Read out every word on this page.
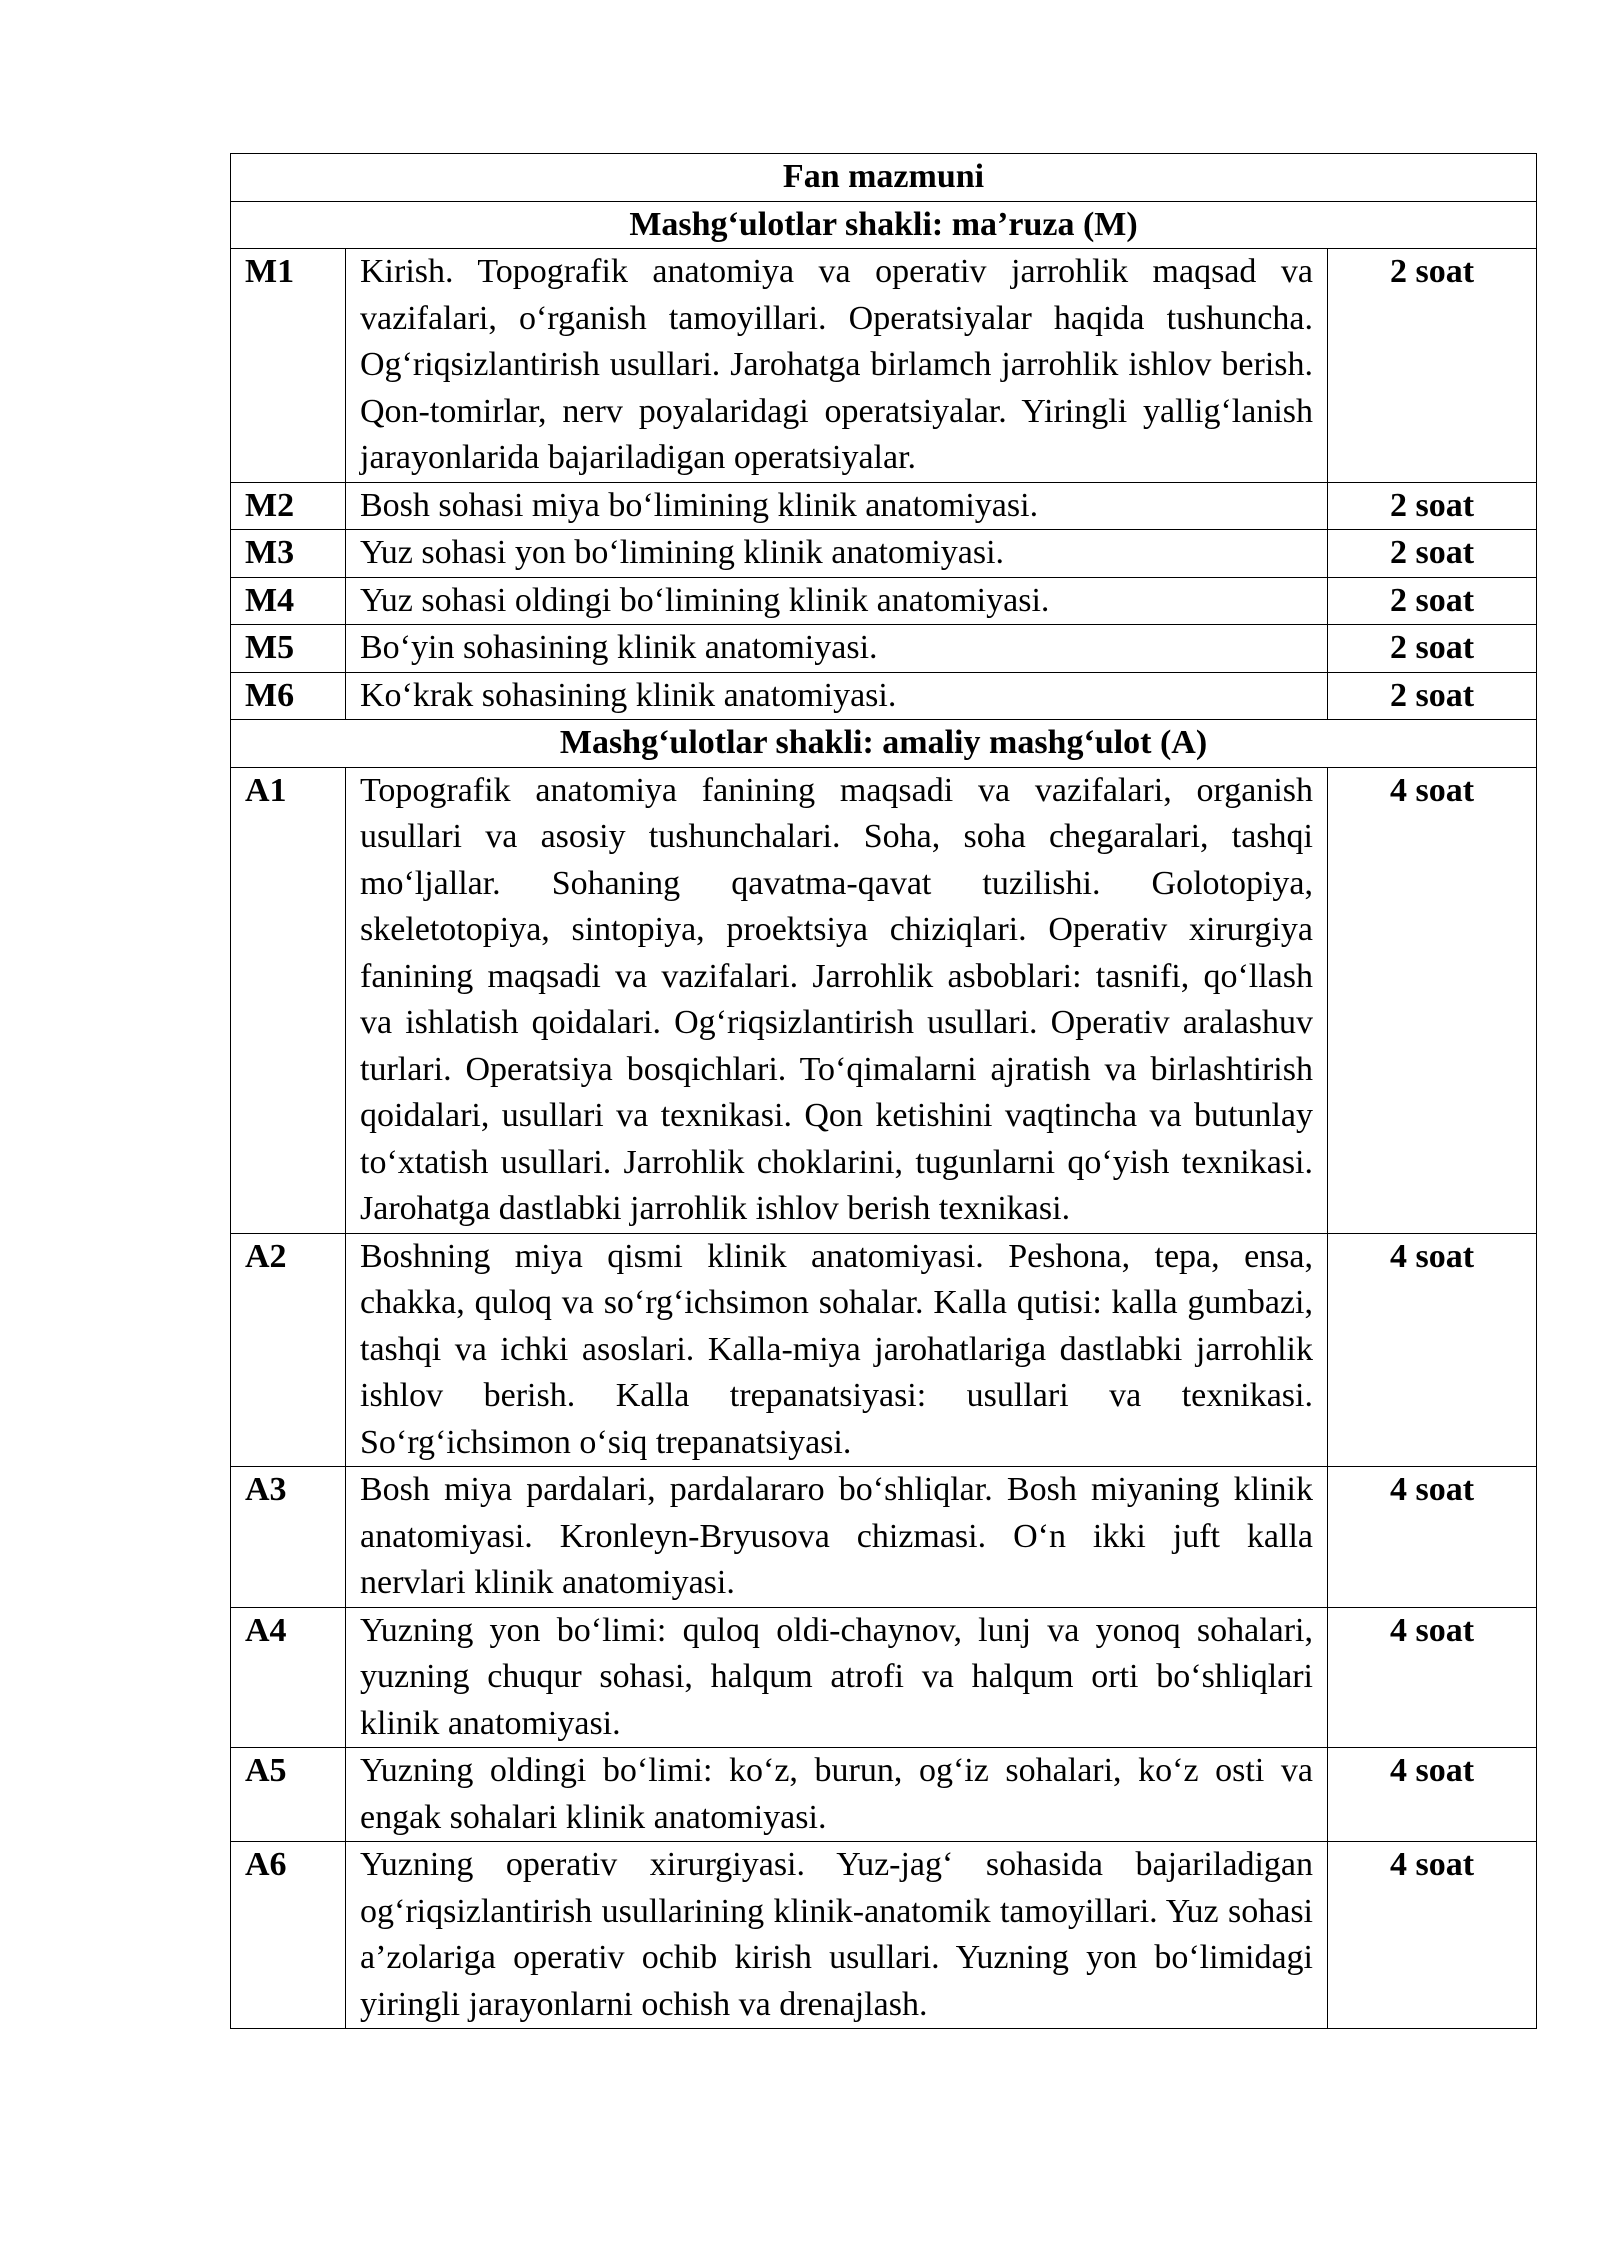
Fan mazmuni		
Mashg‘ulotlar shakli: ma’ruza (M)		
M1	Kirish. Topografik anatomiya va operativ jarrohlik maqsad va vazifalari, o‘rganish tamoyillari. Operatsiyalar haqida tushuncha. Og‘riqsizlantirish usullari. Jarohatga birlamch jarrohlik ishlov berish. Qon-tomirlar, nerv poyalaridagi operatsiyalar. Yiringli yallig‘lanish jarayonlarida bajariladigan operatsiyalar.	2 soat
M2	Bosh sohasi miya bo‘limining klinik anatomiyasi.	2 soat
M3	Yuz sohasi yon bo‘limining klinik anatomiyasi.	2 soat
M4	Yuz sohasi oldingi bo‘limining klinik anatomiyasi.	2 soat
M5	Bo‘yin sohasining klinik anatomiyasi.	2 soat
M6	Ko‘krak sohasining klinik anatomiyasi.	2 soat
Mashg‘ulotlar shakli: amaliy mashg‘ulot (A)		
A1	Topografik anatomiya fanining maqsadi va vazifalari, organish usullari va asosiy tushunchalari. Soha, soha chegaralari, tashqi mo‘ljallar. Sohaning qavatma-qavat tuzilishi. Golotopiya, skeletotopiya, sintopiya, proektsiya chiziqlari. Operativ xirurgiya fanining maqsadi va vazifalari. Jarrohlik asboblari: tasnifi, qo‘llash va ishlatish qoidalari. Og‘riqsizlantirish usullari. Operativ aralashuv turlari. Operatsiya bosqichlari. To‘qimalarni ajratish va birlashtirish qoidalari, usullari va texnikasi. Qon ketishini vaqtincha va butunlay to‘xtatish usullari. Jarrohlik choklarini, tugunlarni qo‘yish texnikasi. Jarohatga dastlabki jarrohlik ishlov berish texnikasi.	4 soat
A2	Boshning miya qismi klinik anatomiyasi. Peshona, tepa, ensa, chakka, quloq va so‘rg‘ichsimon sohalar. Kalla qutisi: kalla gumbazi, tashqi va ichki asoslari. Kalla-miya jarohatlariga dastlabki jarrohlik ishlov berish. Kalla trepanatsiyasi: usullari va texnikasi. So‘rg‘ichsimon o‘siq trepanatsiyasi.	4 soat
A3	Bosh miya pardalari, pardalararo bo‘shliqlar. Bosh miyaning klinik anatomiyasi. Kronleyn-Bryusova chizmasi. O‘n ikki juft kalla nervlari klinik anatomiyasi.	4 soat
A4	Yuzning yon bo‘limi: quloq oldi-chaynov, lunj va yonoq sohalari, yuzning chuqur sohasi, halqum atrofi va halqum orti bo‘shliqlari klinik anatomiyasi.	4 soat
A5	Yuzning oldingi bo‘limi: ko‘z, burun, og‘iz sohalari, ko‘z osti va engak sohalari klinik anatomiyasi.	4 soat
A6	Yuzning operativ xirurgiyasi. Yuz-jag‘ sohasida bajariladigan og‘riqsizlantirish usullarining klinik-anatomik tamoyillari. Yuz sohasi a’zolariga operativ ochib kirish usullari. Yuzning yon bo‘limidagi yiringli jarayonlarni ochish va drenajlash.	4 soat
